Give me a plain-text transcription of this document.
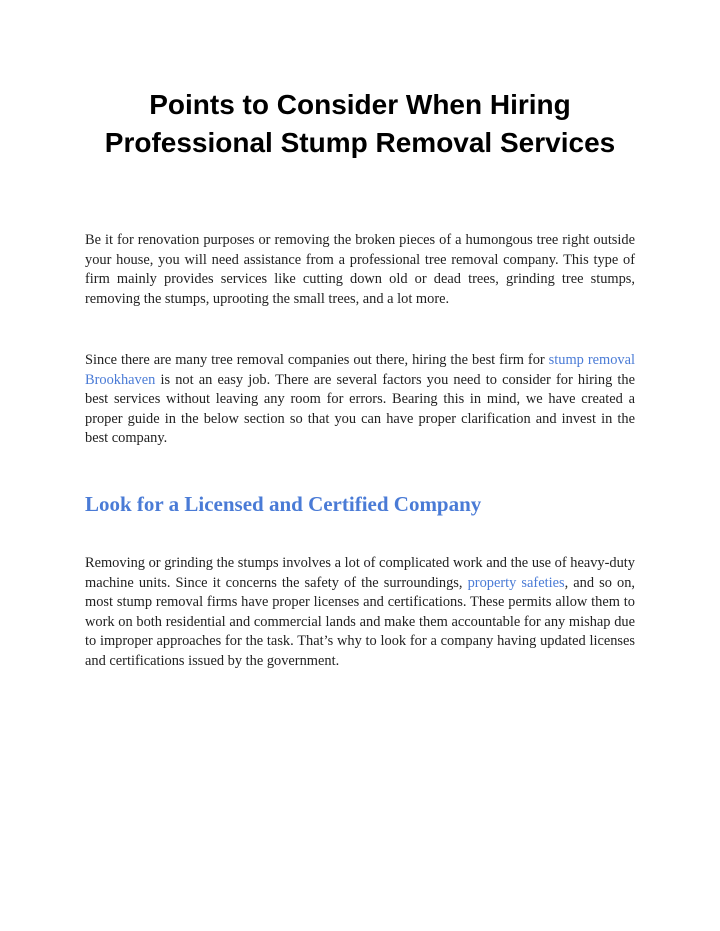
Points to Consider When Hiring Professional Stump Removal Services

Be it for renovation purposes or removing the broken pieces of a humongous tree right outside your house, you will need assistance from a professional tree removal company. This type of firm mainly provides services like cutting down old or dead trees, grinding tree stumps, removing the stumps, uprooting the small trees, and a lot more.

Since there are many tree removal companies out there, hiring the best firm for stump removal Brookhaven is not an easy job. There are several factors you need to consider for hiring the best services without leaving any room for errors. Bearing this in mind, we have created a proper guide in the below section so that you can have proper clarification and invest in the best company.

Look for a Licensed and Certified Company

Removing or grinding the stumps involves a lot of complicated work and the use of heavy-duty machine units. Since it concerns the safety of the surroundings, property safeties, and so on, most stump removal firms have proper licenses and certifications. These permits allow them to work on both residential and commercial lands and make them accountable for any mishap due to improper approaches for the task. That’s why to look for a company having updated licenses and certifications issued by the government.
